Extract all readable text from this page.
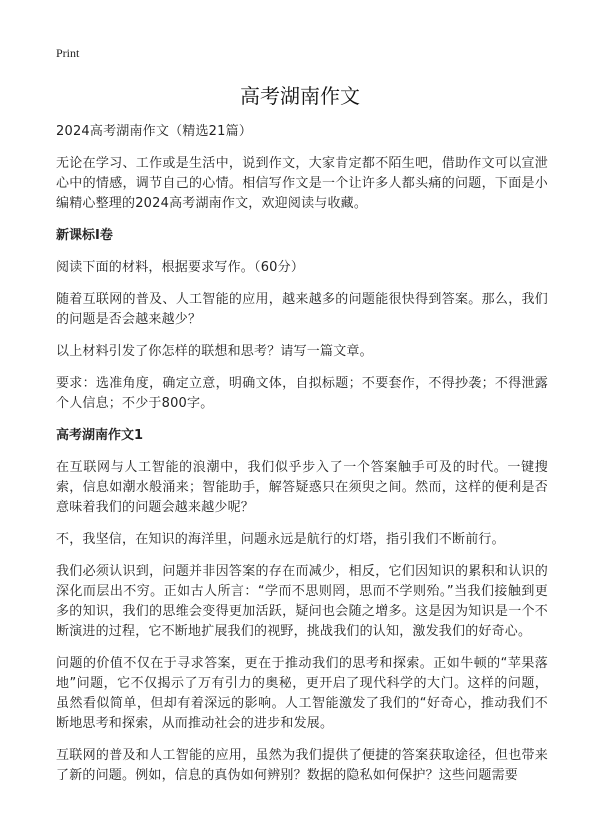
Print
高考湖南作文

2024高考湖南作文（精选21篇）

无论在学习、工作或是生活中，说到作文，大家肯定都不陌生吧，借助作文可以宣泄心中的情感，调节自己的心情。相信写作文是一个让许多人都头痛的问题，下面是小编精心整理的2024高考湖南作文，欢迎阅读与收藏。

新课标I卷

阅读下面的材料，根据要求写作。（60分）

随着互联网的普及、人工智能的应用，越来越多的问题能很快得到答案。那么，我们的问题是否会越来越少？

以上材料引发了你怎样的联想和思考？请写一篇文章。

要求：选准角度，确定立意，明确文体，自拟标题；不要套作，不得抄袭；不得泄露个人信息；不少于800字。

高考湖南作文1

在互联网与人工智能的浪潮中，我们似乎步入了一个答案触手可及的时代。一键搜索，信息如潮水般涌来；智能助手，解答疑惑只在须臾之间。然而，这样的便利是否意味着我们的问题会越来越少呢？

不，我坚信，在知识的海洋里，问题永远是航行的灯塔，指引我们不断前行。

我们必须认识到，问题并非因答案的存在而减少，相反，它们因知识的累积和认识的深化而层出不穷。正如古人所言：“学而不思则罔，思而不学则殆。”当我们接触到更多的知识，我们的思维会变得更加活跃，疑问也会随之增多。这是因为知识是一个不断演进的过程，它不断地扩展我们的视野，挑战我们的认知，激发我们的好奇心。

问题的价值不仅在于寻求答案，更在于推动我们的思考和探索。正如牛顿的“苹果落地”问题，它不仅揭示了万有引力的奥秘，更开启了现代科学的大门。这样的问题，虽然看似简单，但却有着深远的影响。人工智能激发了我们的“好奇心，推动我们不断地思考和探索，从而推动社会的进步和发展。

互联网的普及和人工智能的应用，虽然为我们提供了便捷的答案获取途径，但也带来了新的问题。例如，信息的真伪如何辨别？数据的隐私如何保护？这些问题需要
